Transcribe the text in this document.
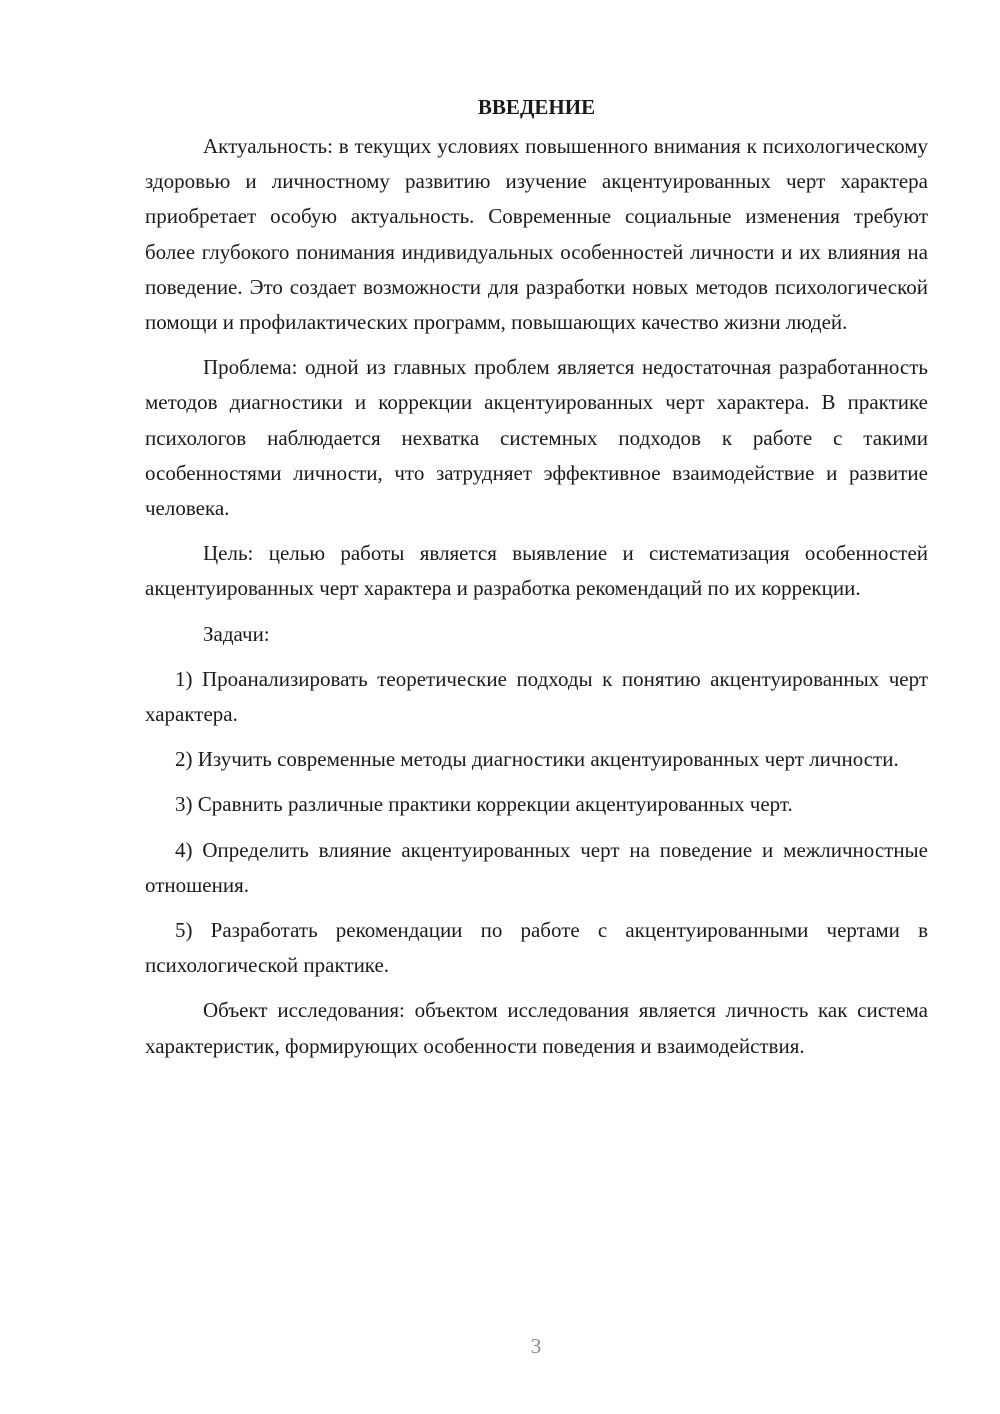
ВВЕДЕНИЕ

Актуальность: в текущих условиях повышенного внимания к психологическому здоровью и личностному развитию изучение акцентуированных черт характера приобретает особую актуальность. Современные социальные изменения требуют более глубокого понимания индивидуальных особенностей личности и их влияния на поведение. Это создает возможности для разработки новых методов психологической помощи и профилактических программ, повышающих качество жизни людей.

Проблема: одной из главных проблем является недостаточная разработанность методов диагностики и коррекции акцентуированных черт характера. В практике психологов наблюдается нехватка системных подходов к работе с такими особенностями личности, что затрудняет эффективное взаимодействие и развитие человека.

Цель: целью работы является выявление и систематизация особенностей акцентуированных черт характера и разработка рекомендаций по их коррекции.

Задачи:

1) Проанализировать теоретические подходы к понятию акцентуированных черт характера.

2) Изучить современные методы диагностики акцентуированных черт личности.

3) Сравнить различные практики коррекции акцентуированных черт.

4) Определить влияние акцентуированных черт на поведение и межличностные отношения.

5) Разработать рекомендации по работе с акцентуированными чертами в психологической практике.

Объект исследования: объектом исследования является личность как система характеристик, формирующих особенности поведения и взаимодействия.

3
